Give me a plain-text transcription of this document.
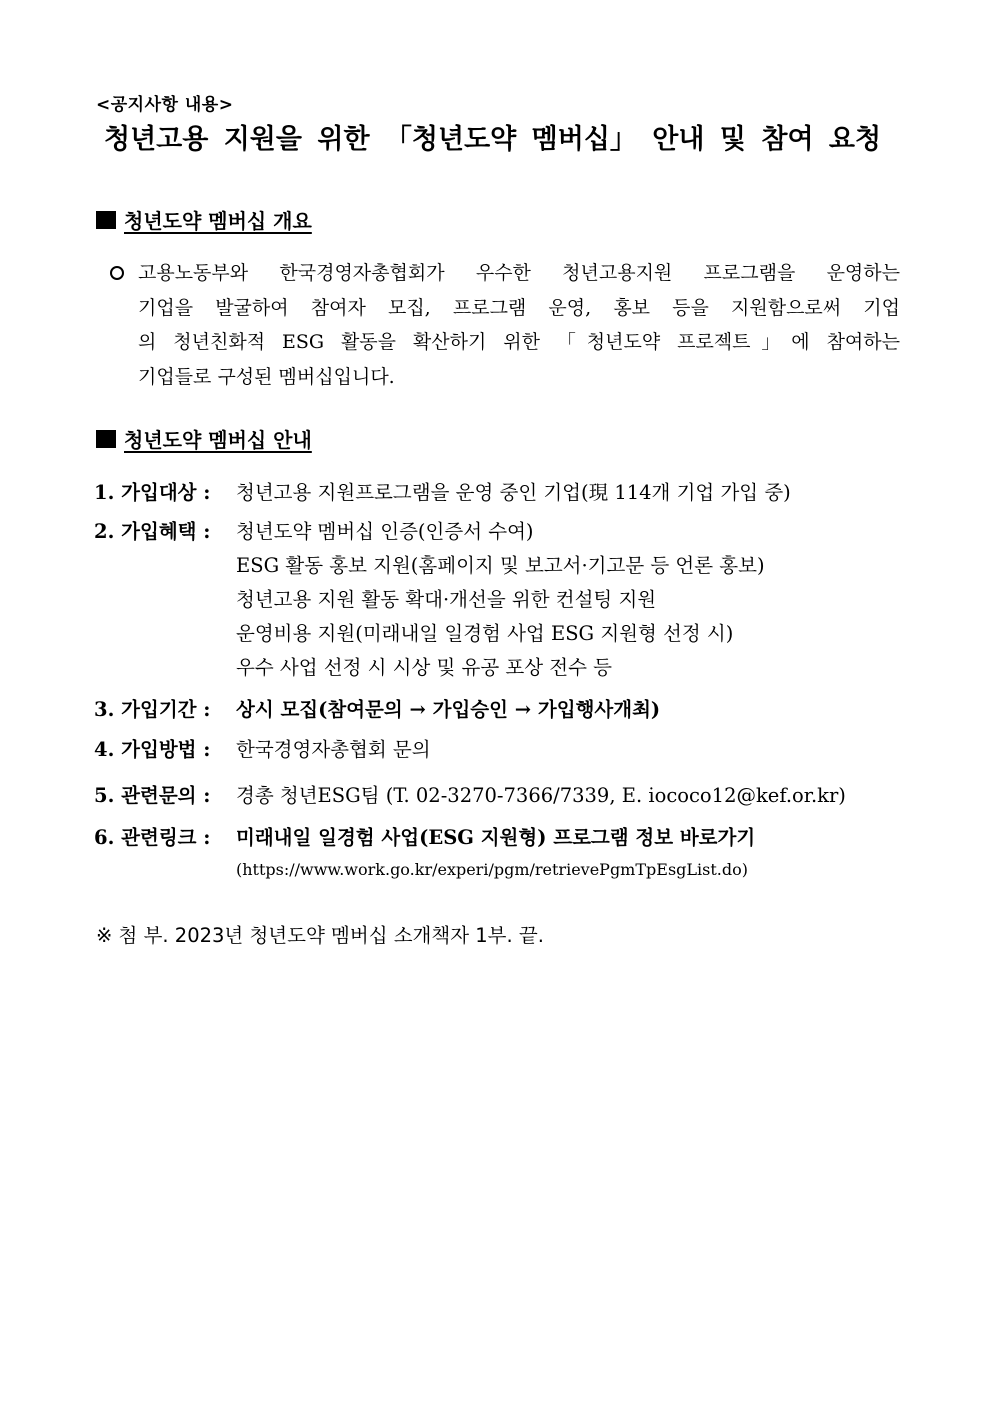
<공지사항 내용>
청년고용 지원을 위한 「청년도약 멤버십」 안내 및 참여 요청
청년도약 멤버십 개요
고용노동부와 한국경영자총협회가 우수한 청년고용지원 프로그램을 운영하는
기업을 발굴하여 참여자 모집, 프로그램 운영, 홍보 등을 지원함으로써 기업
의 청년친화적 ESG 활동을 확산하기 위한 「청년도약 프로젝트」에 참여하는
기업들로 구성된 멤버십입니다.
청년도약 멤버십 안내
1. 가입대상 : 청년고용 지원프로그램을 운영 중인 기업(現 114개 기업 가입 중)
2. 가입혜택 : 청년도약 멤버십 인증(인증서 수여)
ESG 활동 홍보 지원(홈페이지 및 보고서·기고문 등 언론 홍보)
청년고용 지원 활동 확대·개선을 위한 컨설팅 지원
운영비용 지원(미래내일 일경험 사업 ESG 지원형 선정 시)
우수 사업 선정 시 시상 및 유공 포상 전수 등
3. 가입기간 : 상시 모집(참여문의 → 가입승인 → 가입행사개최)
4. 가입방법 : 한국경영자총협회 문의
5. 관련문의 : 경총 청년ESG팀 (T. 02-3270-7366/7339, E. iococo12@kef.or.kr)
6. 관련링크 : 미래내일 일경험 사업(ESG 지원형) 프로그램 정보 바로가기
(https://www.work.go.kr/experi/pgm/retrievePgmTpEsgList.do)
※ 첨 부. 2023년 청년도약 멤버십 소개책자 1부. 끝.
